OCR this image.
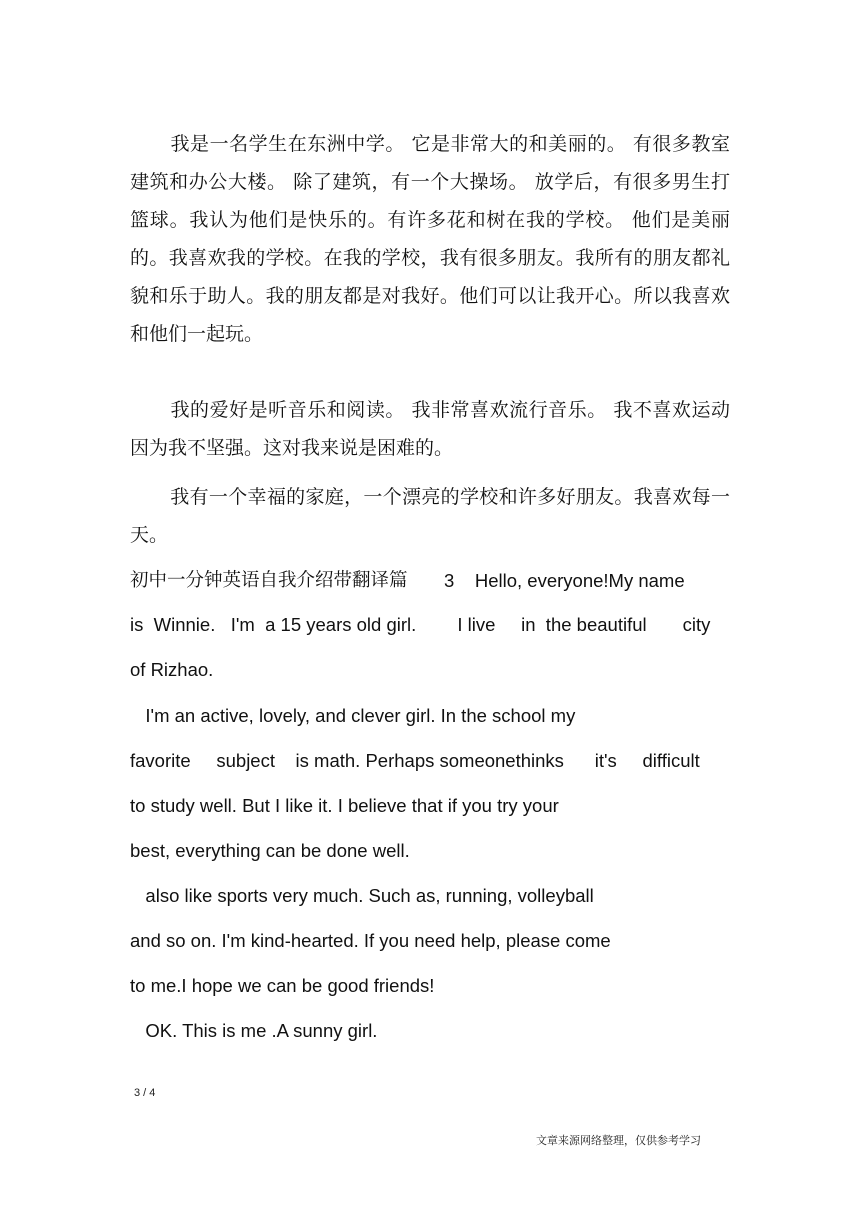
我是一名学生在东洲中学。 它是非常大的和美丽的。 有很多教室建筑和办公大楼。 除了建筑，有一个大操场。 放学后，有很多男生打篮球。我认为他们是快乐的。有许多花和树在我的学校。 他们是美丽的。我喜欢我的学校。在我的学校，我有很多朋友。我所有的朋友都礼貌和乐于助人。我的朋友都是对我好。他们可以让我开心。所以我喜欢和他们一起玩。

我的爱好是听音乐和阅读。 我非常喜欢流行音乐。 我不喜欢运动因为我不坚强。这对我来说是困难的。

我有一个幸福的家庭，一个漂亮的学校和许多好朋友。我喜欢每一天。

初中一分钟英语自我介绍带翻译篇 3    Hello, everyone!My name

is  Winnie.   I'm  a 15 years old girl.        I live     in  the beautiful       city

of Rizhao.

I'm an active, lovely, and clever girl. In the school my

favorite     subject    is math. Perhaps someonethinks      it's     difficult

to study well. But I like it. I believe that if you try your

best, everything can be done well.

also like sports very much. Such as, running, volleyball

and so on. I'm kind-hearted. If you need help, please come

to me.I hope we can be good friends!

OK. This is me .A sunny girl.

3 / 4
文章来源网络整理，仅供参考学习
